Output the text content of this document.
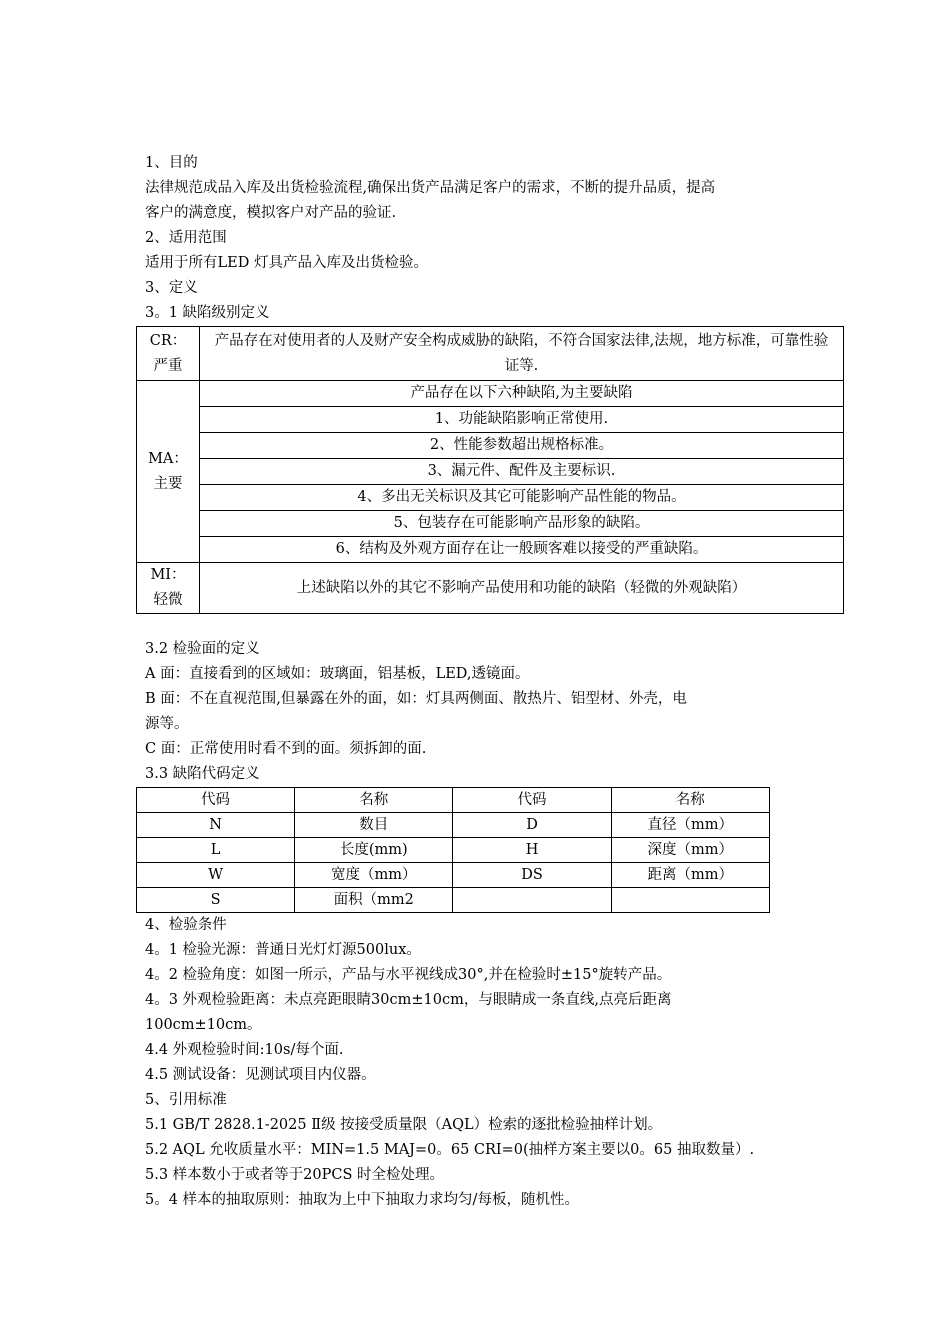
1、目的
法律规范成品入库及出货检验流程,确保出货产品满足客户的需求，不断的提升品质，提高
客户的满意度，模拟客户对产品的验证.
2、适用范围
适用于所有LED 灯具产品入库及出货检验。
3、定义
3。1 缺陷级别定义
CR：
严重	产品存在对使用者的人及财产安全构成威胁的缺陷，不符合国家法律,法规，地方标准，可靠性验证等.

MA：
主要	产品存在以下六种缺陷,为主要缺陷
	1、功能缺陷影响正常使用.
	2、性能参数超出规格标准。
	3、漏元件、配件及主要标识.
	4、多出无关标识及其它可能影响产品性能的物品。
	5、包装存在可能影响产品形象的缺陷。
	6、结构及外观方面存在让一般顾客难以接受的严重缺陷。

MI：
轻微	上述缺陷以外的其它不影响产品使用和功能的缺陷（轻微的外观缺陷）
3.2 检验面的定义
A 面：直接看到的区域如：玻璃面，铝基板，LED,透镜面。
B 面：不在直视范围,但暴露在外的面，如：灯具两侧面、散热片、铝型材、外壳，电
源等。
C 面：正常使用时看不到的面。须拆卸的面.
3.3 缺陷代码定义
代码	名称	代码	名称
N	数目	D	直径（mm）
L	长度(mm)	H	深度（mm）
W	宽度（mm）	DS	距离（mm）
S	面积（mm2		
4、检验条件
4。1 检验光源：普通日光灯灯源500lux。
4。2 检验角度：如图一所示，产品与水平视线成30°,并在检验时±15°旋转产品。
4。3 外观检验距离：未点亮距眼睛30cm±10cm，与眼睛成一条直线,点亮后距离
100cm±10cm。
4.4 外观检验时间:10s/每个面.
4.5 测试设备：见测试项目内仪器。
5、引用标准
5.1 GB/T 2828.1-2025 Ⅱ级 按接受质量限（AQL）检索的逐批检验抽样计划。
5.2 AQL 允收质量水平：MIN=1.5 MAJ=0。65 CRI=0(抽样方案主要以0。65 抽取数量）.
5.3 样本数小于或者等于20PCS 时全检处理。
5。4 样本的抽取原则：抽取为上中下抽取力求均匀/每板，随机性。
